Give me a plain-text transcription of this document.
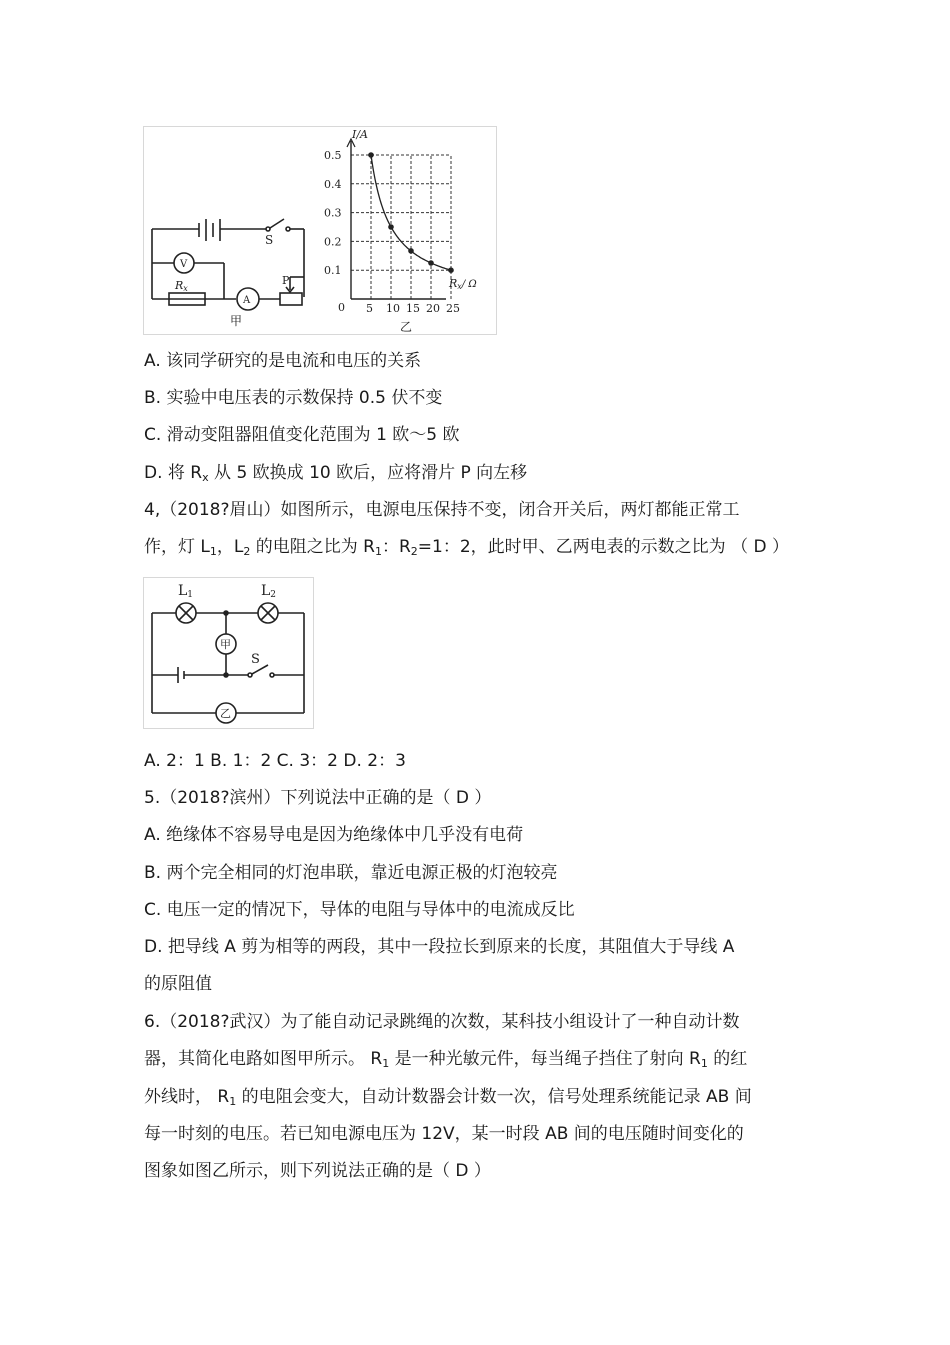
S
V
A
Rx
P
甲
5 10 15 20 25
0.1
0.2
0.3
0.4
0.5
I/A
Rx/ Ω
0
乙
A. 该同学研究的是电流和电压的关系
B. 实验中电压表的示数保持 0.5 伏不变
C. 滑动变阻器阻值变化范围为 1 欧～5 欧
D. 将 $R_x$ 从 5 欧换成 10 欧后，应将滑片 P 向左移
4,（2018?眉山）如图所示，电源电压保持不变，闭合开关后，两灯都能正常工
作，灯 $L_1$，$L_2$ 的电阻之比为 $R_1$：$R_2=1$：2，此时甲、乙两电表的示数之比为 （ D ）
L1	L2
甲
乙
S
A. 2：1 B. 1：2 C. 3：2 D. 2：3
5.（2018?滨州）下列说法中正确的是（ D ）
A. 绝缘体不容易导电是因为绝缘体中几乎没有电荷
B. 两个完全相同的灯泡串联，靠近电源正极的灯泡较亮
C. 电压一定的情况下，导体的电阻与导体中的电流成反比
D. 把导线 A 剪为相等的两段，其中一段拉长到原来的长度，其阻值大于导线 A
的原阻值
6.（2018?武汉）为了能自动记录跳绳的次数，某科技小组设计了一种自动计数
器，其简化电路如图甲所示。 $R_1$ 是一种光敏元件，每当绳子挡住了射向 $R_1$ 的红
外线时， $R_1$ 的电阻会变大，自动计数器会计数一次，信号处理系统能记录 AB 间
每一时刻的电压。若已知电源电压为 12V，某一时段 AB 间的电压随时间变化的
图象如图乙所示，则下列说法正确的是（ D ）
